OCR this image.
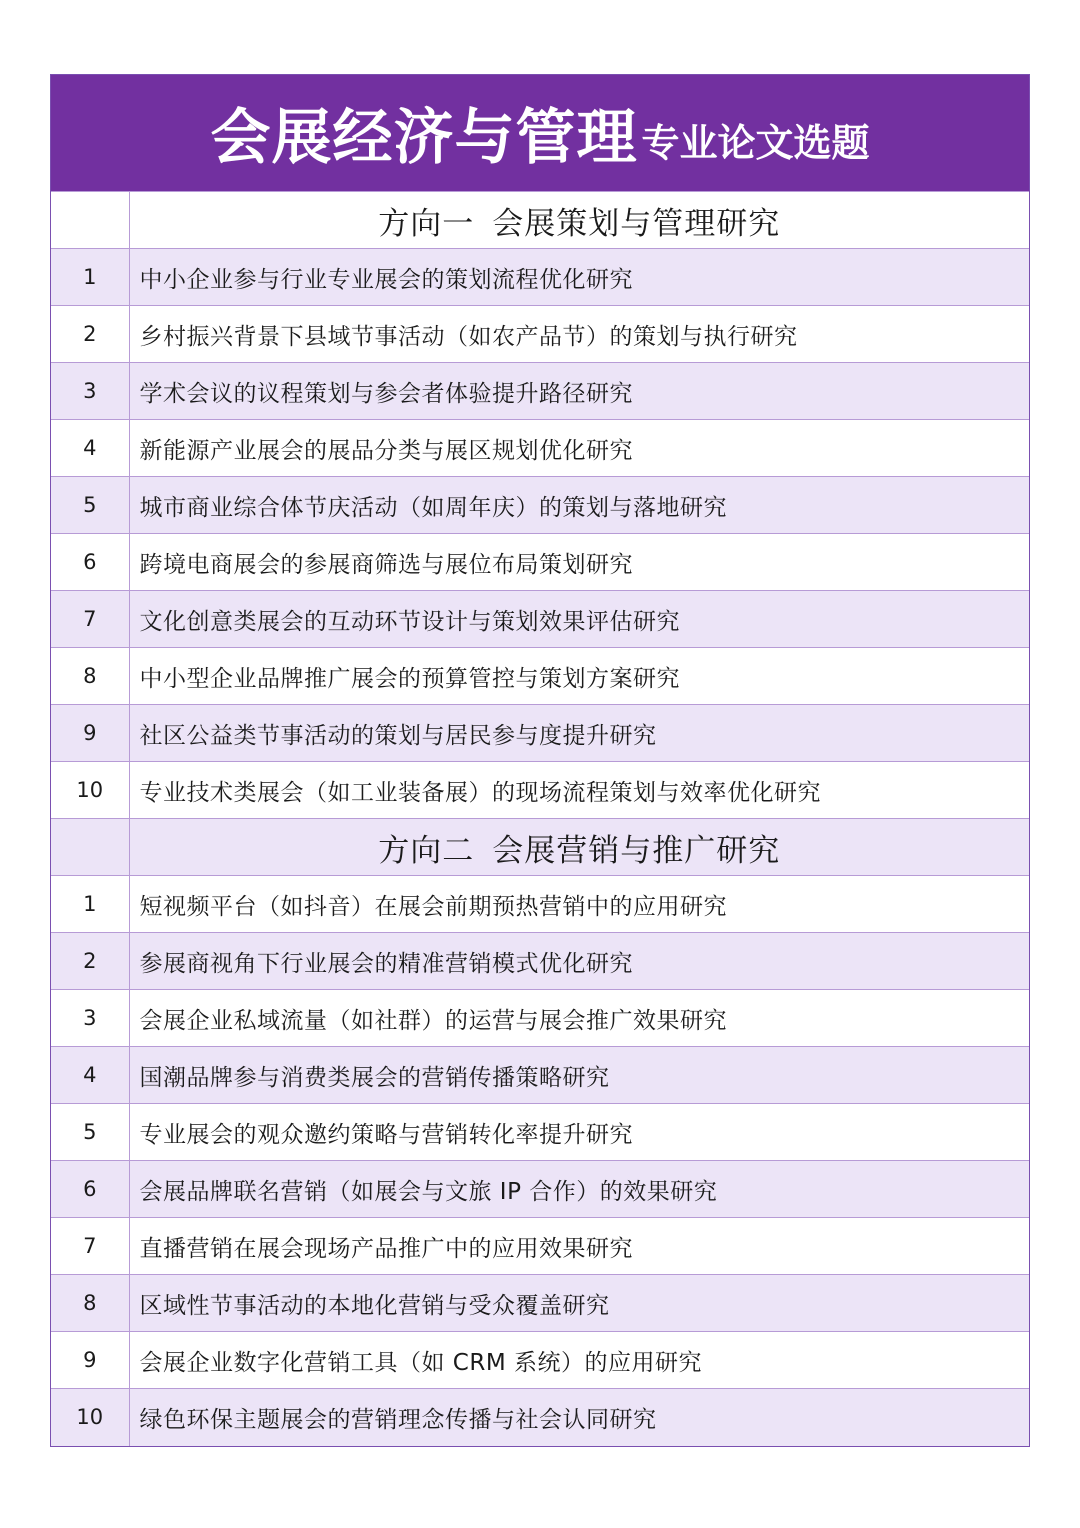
会展经济与管理 专业论文选题
	方向一 会展策划与管理研究
1	中小企业参与行业专业展会的策划流程优化研究
2	乡村振兴背景下县域节事活动（如农产品节）的策划与执行研究
3	学术会议的议程策划与参会者体验提升路径研究
4	新能源产业展会的展品分类与展区规划优化研究
5	城市商业综合体节庆活动（如周年庆）的策划与落地研究
6	跨境电商展会的参展商筛选与展位布局策划研究
7	文化创意类展会的互动环节设计与策划效果评估研究
8	中小型企业品牌推广展会的预算管控与策划方案研究
9	社区公益类节事活动的策划与居民参与度提升研究
10	专业技术类展会（如工业装备展）的现场流程策划与效率优化研究
	方向二 会展营销与推广研究
1	短视频平台（如抖音）在展会前期预热营销中的应用研究
2	参展商视角下行业展会的精准营销模式优化研究
3	会展企业私域流量（如社群）的运营与展会推广效果研究
4	国潮品牌参与消费类展会的营销传播策略研究
5	专业展会的观众邀约策略与营销转化率提升研究
6	会展品牌联名营销（如展会与文旅 IP 合作）的效果研究
7	直播营销在展会现场产品推广中的应用效果研究
8	区域性节事活动的本地化营销与受众覆盖研究
9	会展企业数字化营销工具（如 CRM 系统）的应用研究
10	绿色环保主题展会的营销理念传播与社会认同研究
